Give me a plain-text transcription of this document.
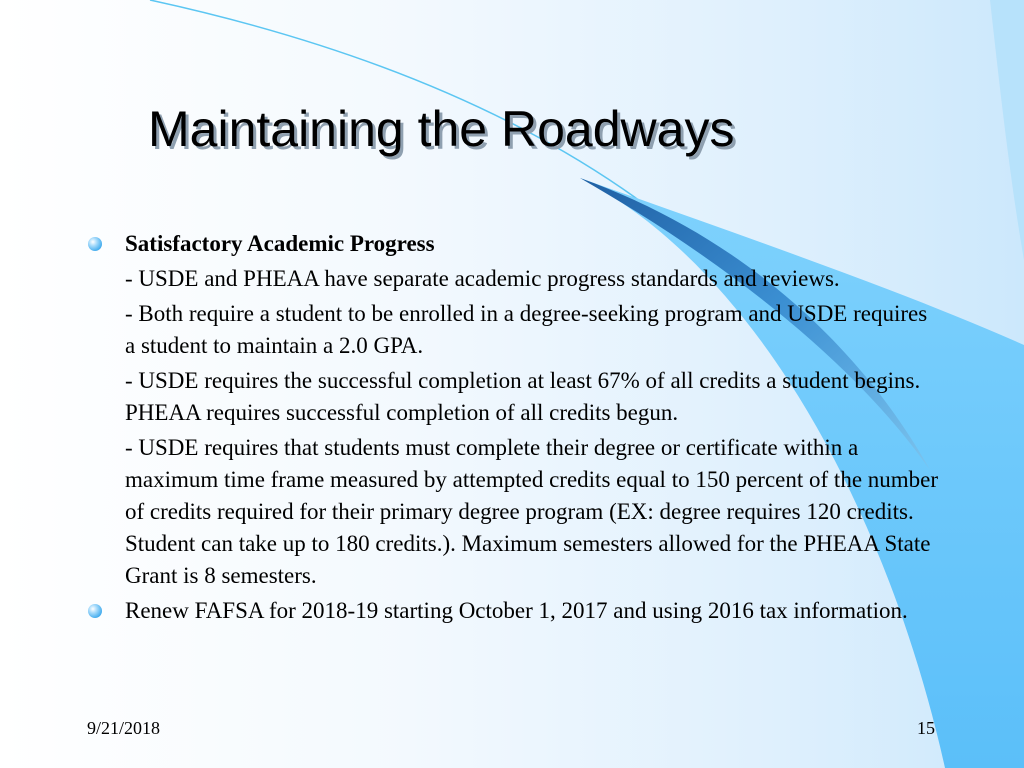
Maintaining the Roadways
Satisfactory Academic Progress
- USDE and PHEAA have separate academic progress standards and reviews.
- Both require a student to be enrolled in a degree-seeking program and USDE requires a student to maintain a 2.0 GPA.
- USDE requires the successful completion at least 67% of all credits a student begins. PHEAA requires successful completion of all credits begun.
- USDE requires that students must complete their degree or certificate within a maximum time frame measured by attempted credits equal to 150 percent of the number of credits required for their primary degree program (EX: degree requires 120 credits. Student can take up to 180 credits.). Maximum semesters allowed for the PHEAA State Grant is 8 semesters.
Renew FAFSA for 2018-19 starting October 1, 2017 and using 2016 tax information.
9/21/2018	15
